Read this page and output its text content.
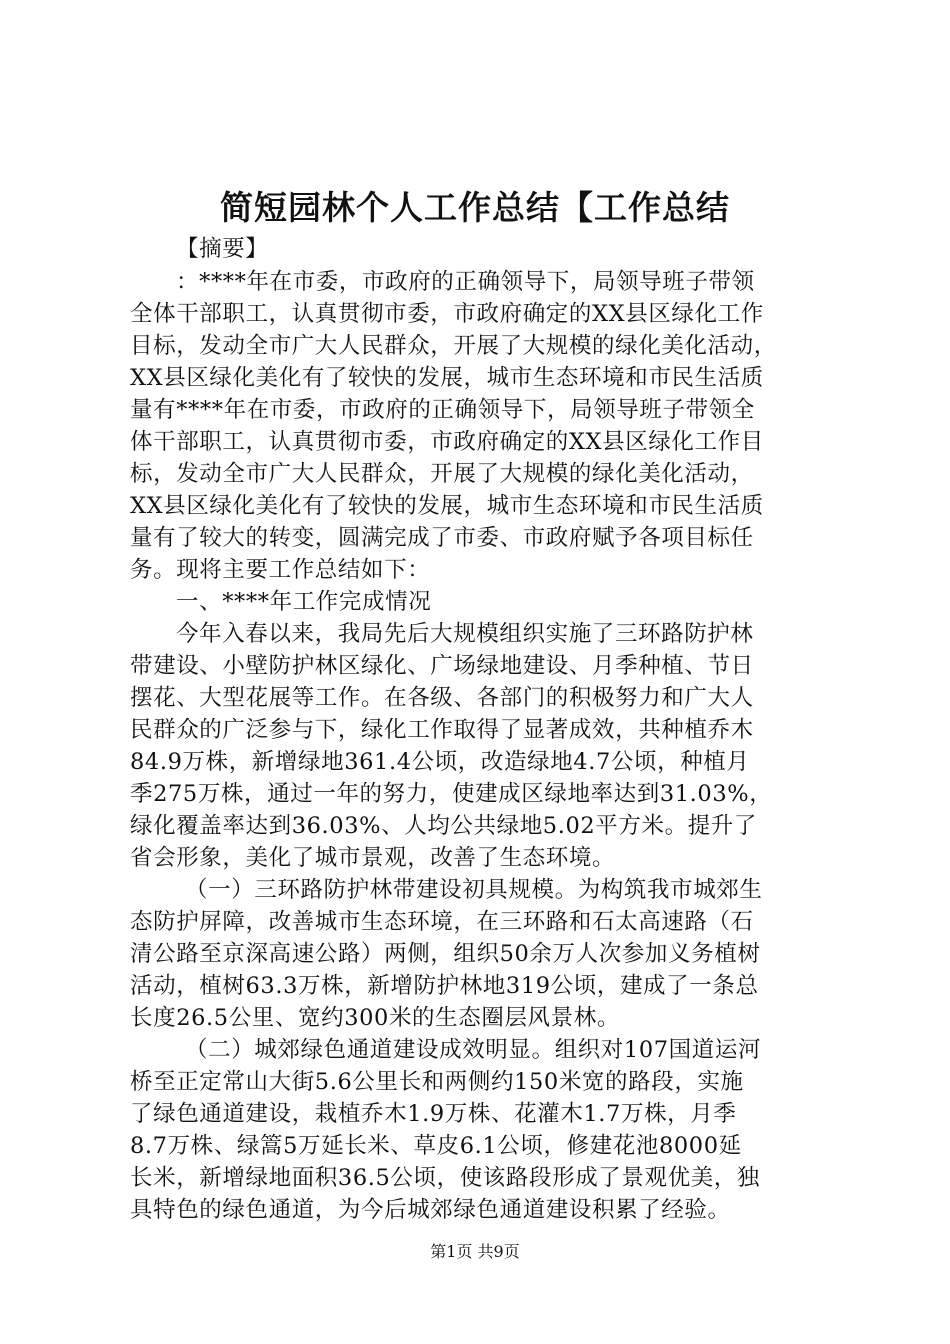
简短园林个人工作总结【工作总结
【摘要】
：****年在市委，市政府的正确领导下，局领导班子带领
全体干部职工，认真贯彻市委，市政府确定的XX县区绿化工作
目标，发动全市广大人民群众，开展了大规模的绿化美化活动，
XX县区绿化美化有了较快的发展，城市生态环境和市民生活质
量有****年在市委，市政府的正确领导下，局领导班子带领全
体干部职工，认真贯彻市委，市政府确定的XX县区绿化工作目
标，发动全市广大人民群众，开展了大规模的绿化美化活动，
XX县区绿化美化有了较快的发展，城市生态环境和市民生活质
量有了较大的转变，圆满完成了市委、市政府赋予各项目标任
务。现将主要工作总结如下：
一、****年工作完成情况
今年入春以来，我局先后大规模组织实施了三环路防护林
带建设、小壁防护林区绿化、广场绿地建设、月季种植、节日
摆花、大型花展等工作。在各级、各部门的积极努力和广大人
民群众的广泛参与下，绿化工作取得了显著成效，共种植乔木
84.9万株，新增绿地361.4公顷，改造绿地4.7公顷，种植月
季275万株，通过一年的努力，使建成区绿地率达到31.03%，
绿化覆盖率达到36.03%、人均公共绿地5.02平方米。提升了
省会形象，美化了城市景观，改善了生态环境。
（一）三环路防护林带建设初具规模。为构筑我市城郊生
态防护屏障，改善城市生态环境，在三环路和石太高速路（石
清公路至京深高速公路）两侧，组织50余万人次参加义务植树
活动，植树63.3万株，新增防护林地319公顷，建成了一条总
长度26.5公里、宽约300米的生态圈层风景林。
（二）城郊绿色通道建设成效明显。组织对107国道运河
桥至正定常山大街5.6公里长和两侧约150米宽的路段，实施
了绿色通道建设，栽植乔木1.9万株、花灌木1.7万株，月季
8.7万株、绿篙5万延长米、草皮6.1公顷，修建花池8000延
长米，新增绿地面积36.5公顷，使该路段形成了景观优美，独
具特色的绿色通道，为今后城郊绿色通道建设积累了经验。
第1页 共9页
